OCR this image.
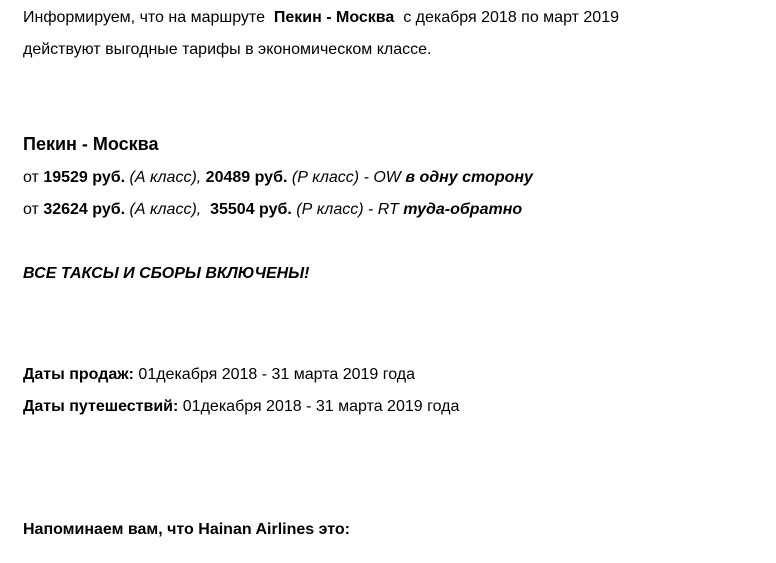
Информируем, что на маршруте Пекин - Москва с декабря 2018 по март 2019
действуют выгодные тарифы в экономическом классе.
Пекин - Москва
от 19529 руб. (А класс), 20489 руб. (Р класс) - OW в одну сторону
от 32624 руб. (А класс), 35504 руб. (Р класс) - RT туда-обратно
ВСЕ ТАКСЫ И СБОРЫ ВКЛЮЧЕНЫ!
Даты продаж: 01декабря 2018 - 31 марта 2019 года
Даты путешествий: 01декабря 2018 - 31 марта 2019 года
Напоминаем вам, что Hainan Airlines это:
